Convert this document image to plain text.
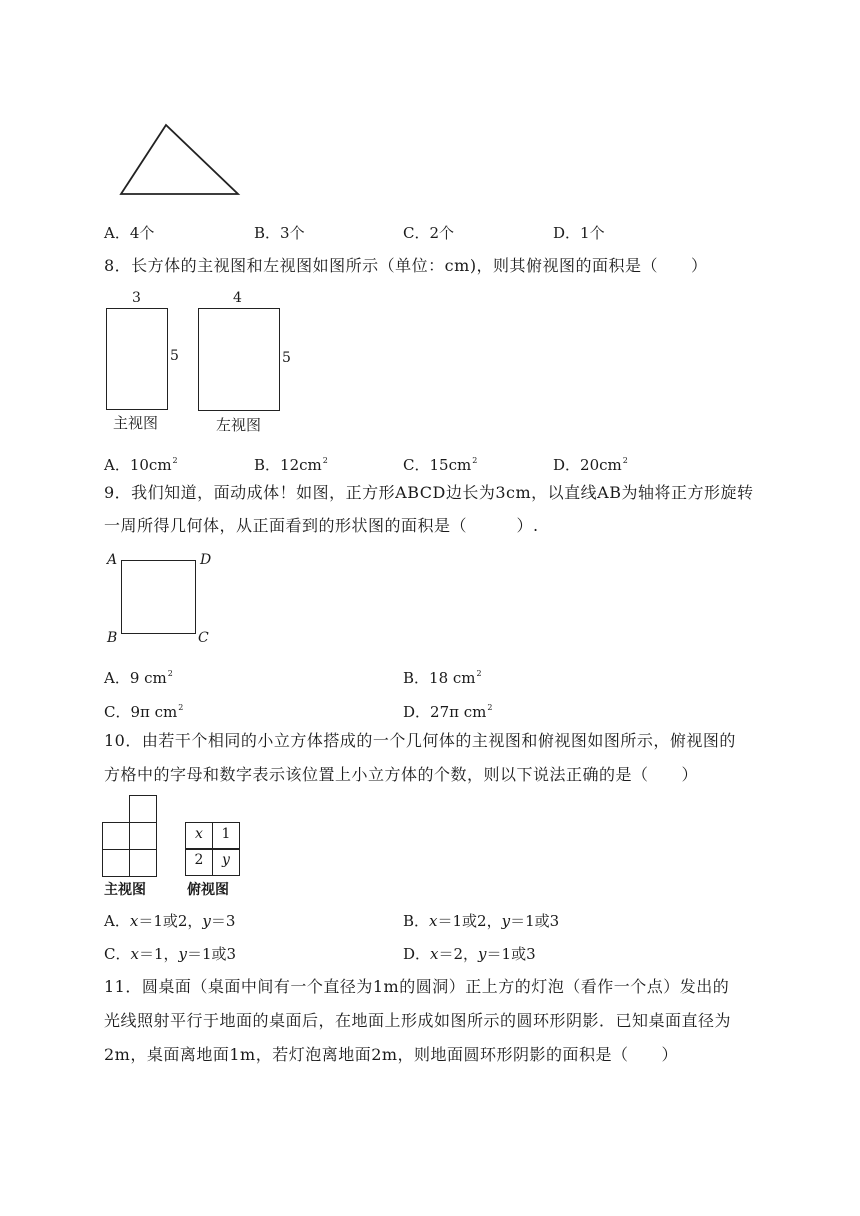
A．4个	B．3个	C．2个	D．1个
8．长方体的主视图和左视图如图所示（单位：cm)，则其俯视图的面积是（　　）
3
5
主视图
4
5
左视图
A．$10cm^2$	B．$12cm^2$	C．$15cm^2$	D．$20cm^2$
9．我们知道，面动成体！如图，正方形ABCD边长为3cm，以直线AB为轴将正方形旋转
一周所得几何体，从正面看到的形状图的面积是（　　　）.
A	D
B	C
A．9 $cm^2$	B．18 $cm^2$
C．9π $cm^2$	D．27π $cm^2$
10．由若干个相同的小立方体搭成的一个几何体的主视图和俯视图如图所示，俯视图的
方格中的字母和数字表示该位置上小立方体的个数，则以下说法正确的是（　　）
主视图
x	1
2	y
俯视图
A．x＝1或2，y＝3	B．x＝1或2，y＝1或3
C．x＝1，y＝1或3	D．x＝2，y＝1或3
11．圆桌面（桌面中间有一个直径为1m的圆洞）正上方的灯泡（看作一个点）发出的
光线照射平行于地面的桌面后，在地面上形成如图所示的圆环形阴影．已知桌面直径为
2m，桌面离地面1m，若灯泡离地面2m，则地面圆环形阴影的面积是（　　）
